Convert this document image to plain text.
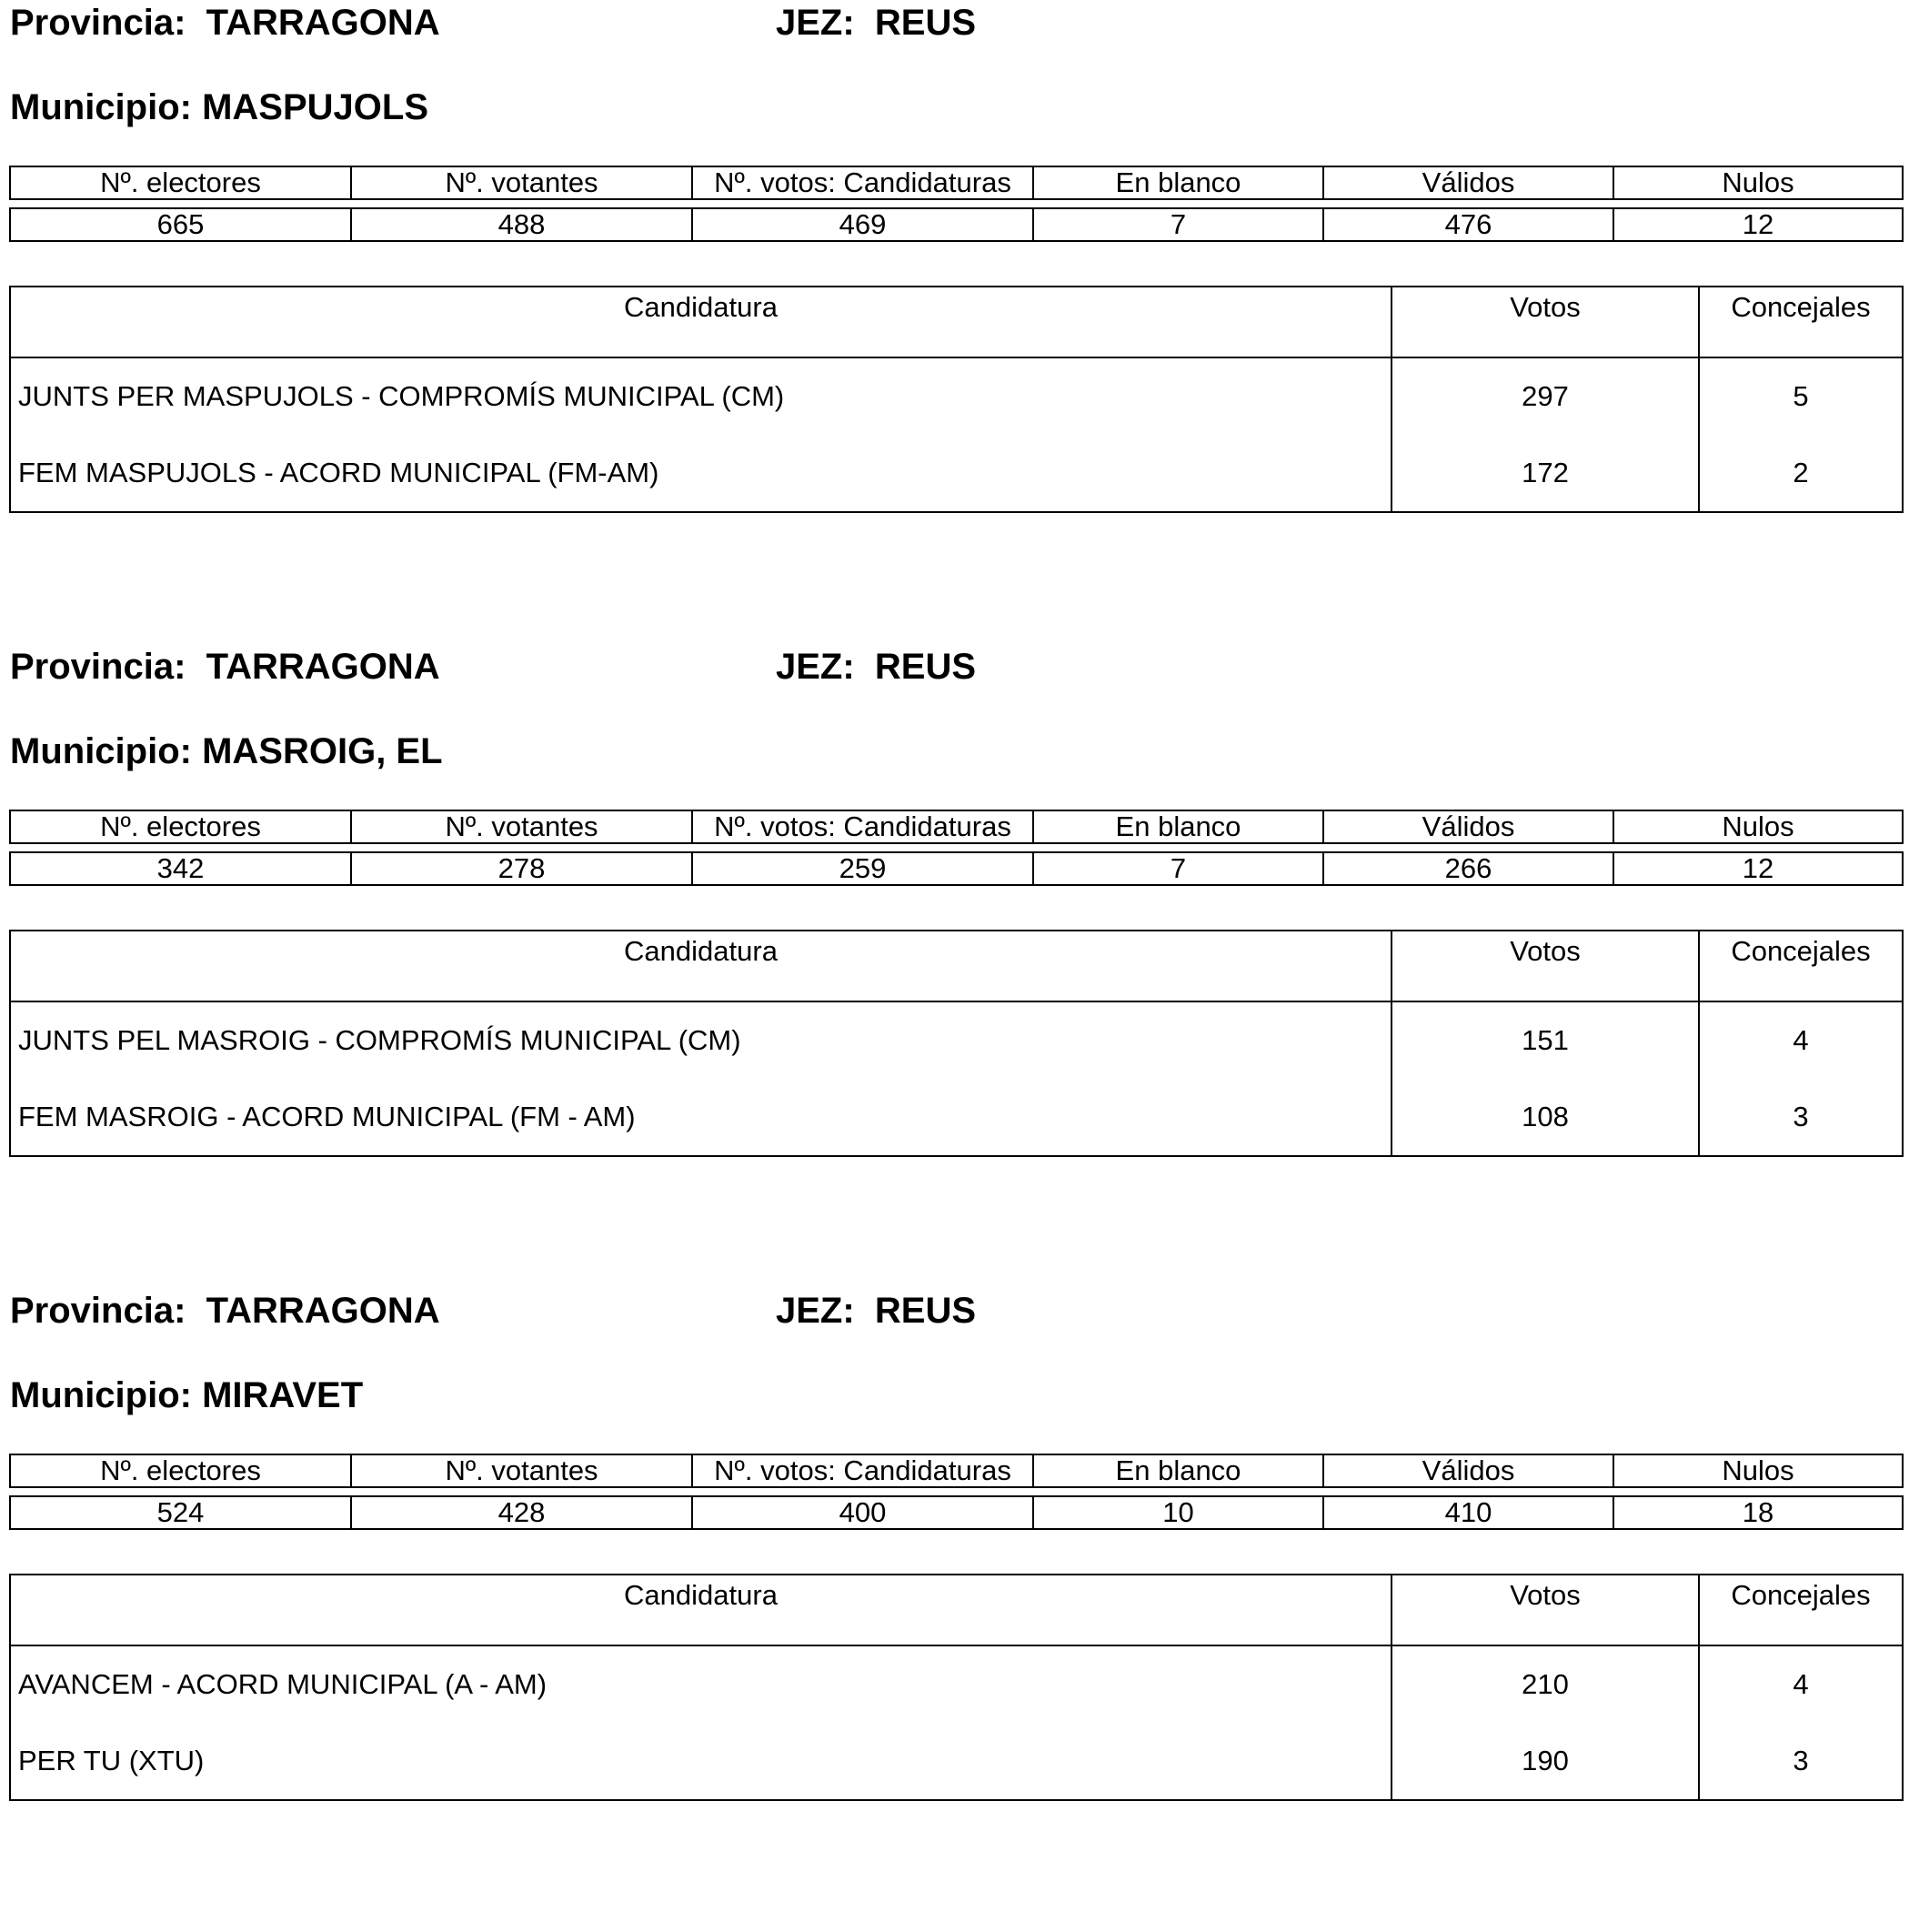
Provincia: TARRAGONA	JEZ: REUS
Municipio: MASPUJOLS
Nº. electores	Nº. votantes	Nº. votos: Candidaturas	En blanco	Válidos	Nulos

665	488	469	7	476	12
Candidatura	Votos	Concejales
JUNTS PER MASPUJOLS - COMPROMÍS MUNICIPAL (CM)	297	5
FEM MASPUJOLS - ACORD MUNICIPAL (FM-AM)	172	2
Provincia: TARRAGONA	JEZ: REUS
Municipio: MASROIG, EL
Nº. electores	Nº. votantes	Nº. votos: Candidaturas	En blanco	Válidos	Nulos

342	278	259	7	266	12
Candidatura	Votos	Concejales
JUNTS PEL MASROIG - COMPROMÍS MUNICIPAL (CM)	151	4
FEM MASROIG - ACORD MUNICIPAL (FM - AM)	108	3
Provincia: TARRAGONA	JEZ: REUS
Municipio: MIRAVET
Nº. electores	Nº. votantes	Nº. votos: Candidaturas	En blanco	Válidos	Nulos

524	428	400	10	410	18
Candidatura	Votos	Concejales
AVANCEM - ACORD MUNICIPAL (A - AM)	210	4
PER TU (XTU)	190	3
